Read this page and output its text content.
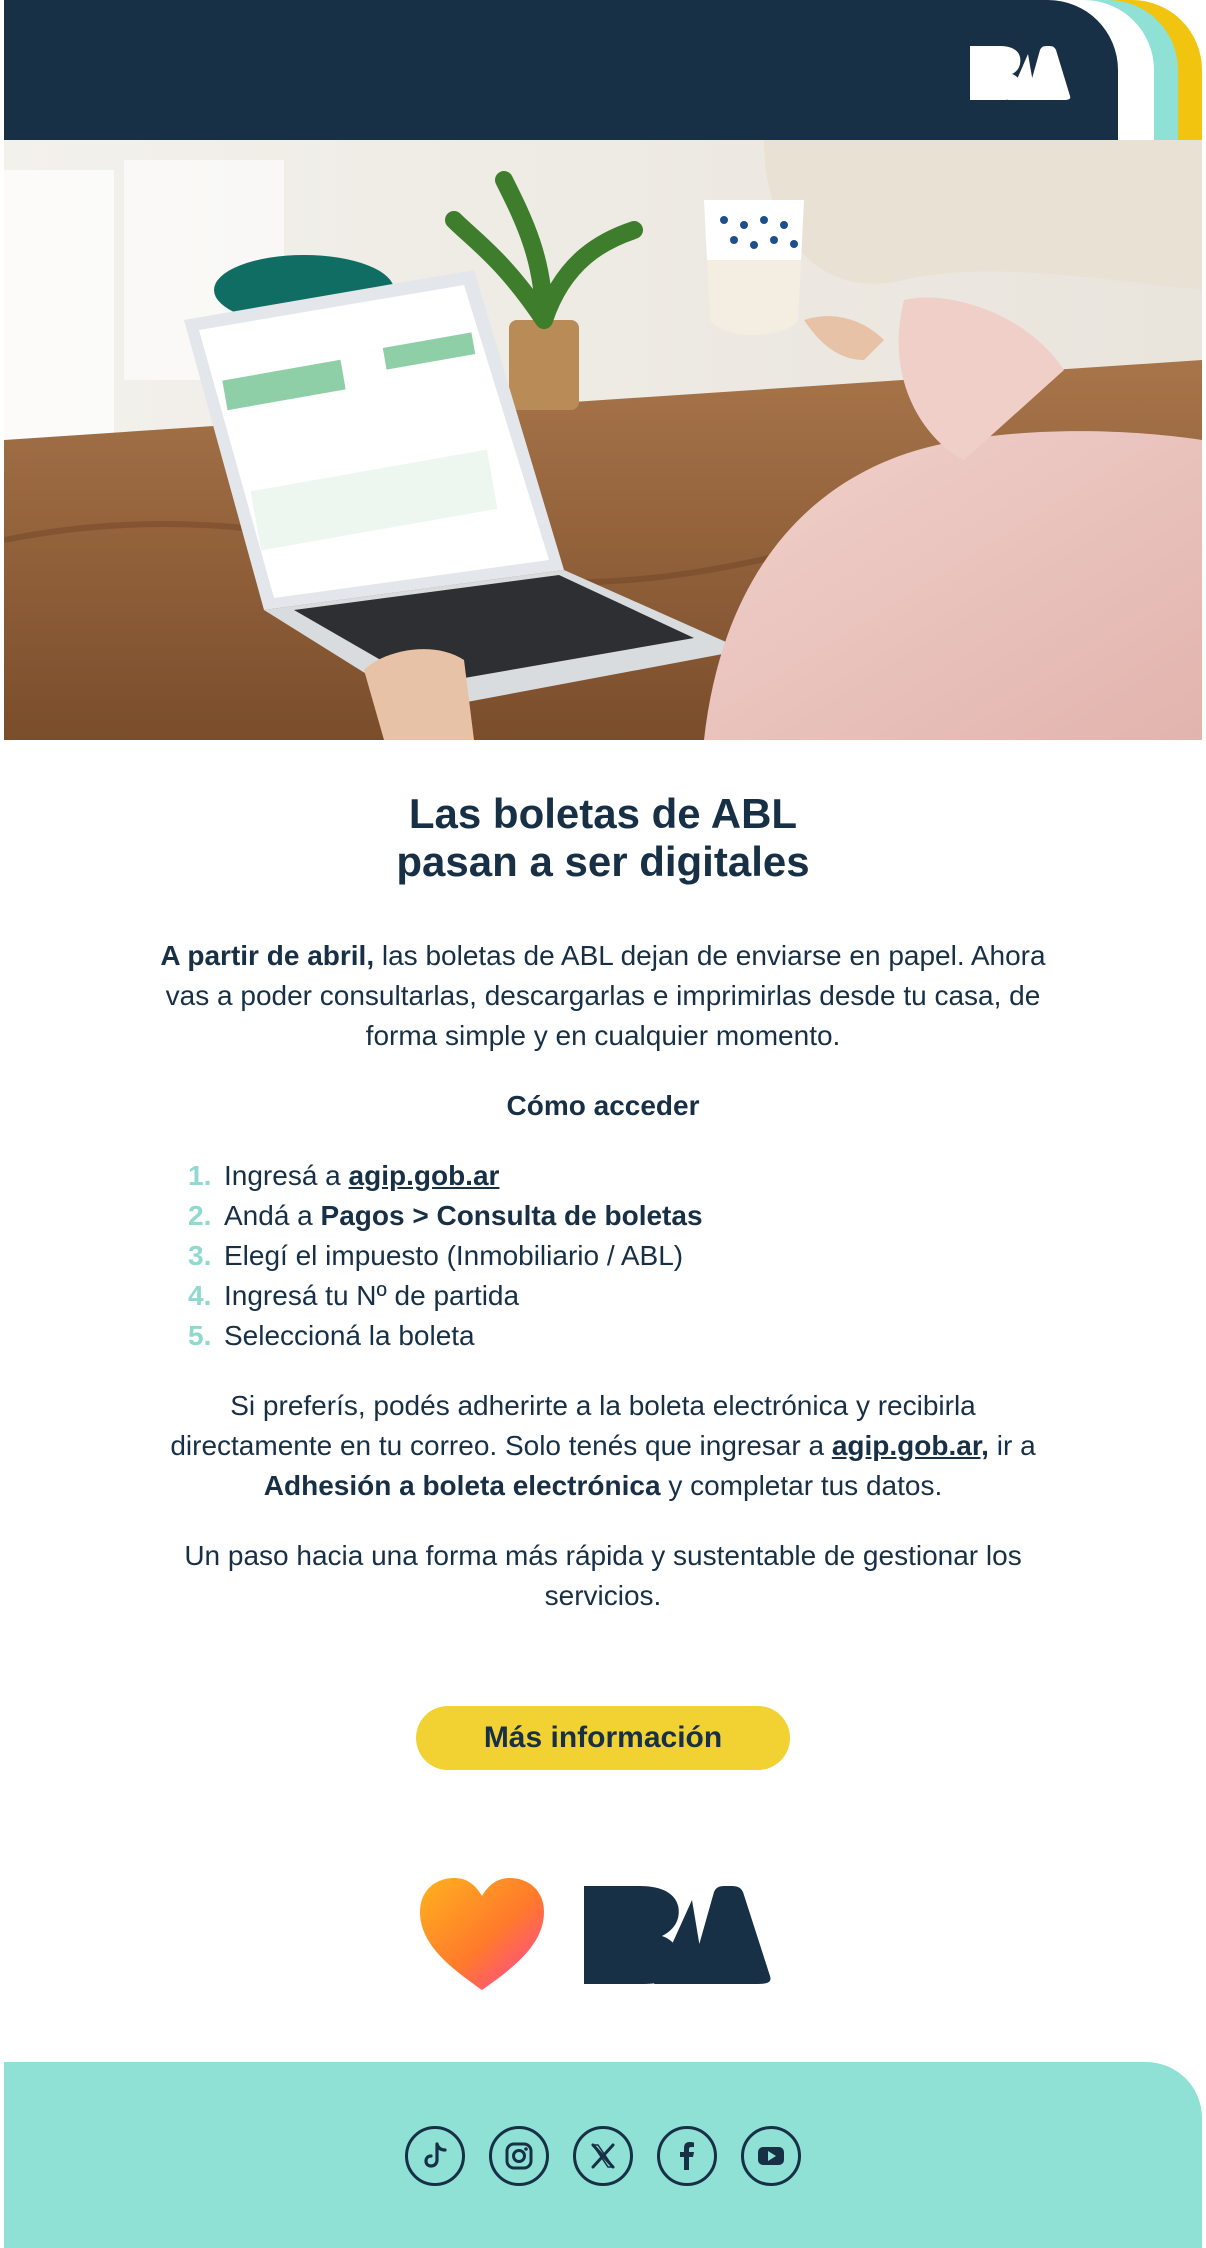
Las boletas de ABL
pasan a ser digitales

A partir de abril, las boletas de ABL dejan de enviarse en papel. Ahora vas a poder consultarlas, descargarlas e imprimirlas desde tu casa, de forma simple y en cualquier momento.

Cómo acceder
1. Ingresá a agip.gob.ar
2. Andá a Pagos > Consulta de boletas
3. Elegí el impuesto (Inmobiliario / ABL)
4. Ingresá tu Nº de partida
5. Seleccioná la boleta

Si preferís, podés adherirte a la boleta electrónica y recibirla directamente en tu correo. Solo tenés que ingresar a agip.gob.ar, ir a Adhesión a boleta electrónica y completar tus datos.

Un paso hacia una forma más rápida y sustentable de gestionar los servicios.

Más información
